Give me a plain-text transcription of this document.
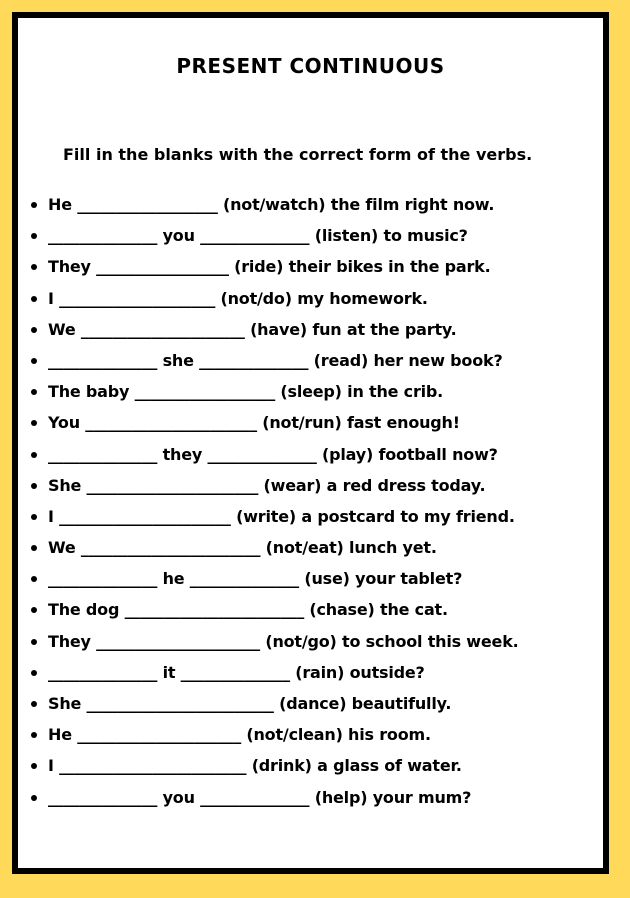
PRESENT CONTINUOUS
Fill in the blanks with the correct form of the verbs.
He __________________ (not/watch) the film right now.
______________ you ______________ (listen) to music?
They _________________ (ride) their bikes in the park.
I ____________________ (not/do) my homework.
We _____________________ (have) fun at the party.
______________ she ______________ (read) her new book?
The baby __________________ (sleep) in the crib.
You ______________________ (not/run) fast enough!
______________ they ______________ (play) football now?
She ______________________ (wear) a red dress today.
I ______________________ (write) a postcard to my friend.
We _______________________ (not/eat) lunch yet.
______________ he ______________ (use) your tablet?
The dog _______________________ (chase) the cat.
They _____________________ (not/go) to school this week.
______________ it ______________ (rain) outside?
She ________________________ (dance) beautifully.
He _____________________ (not/clean) his room.
I ________________________ (drink) a glass of water.
______________ you ______________ (help) your mum?
